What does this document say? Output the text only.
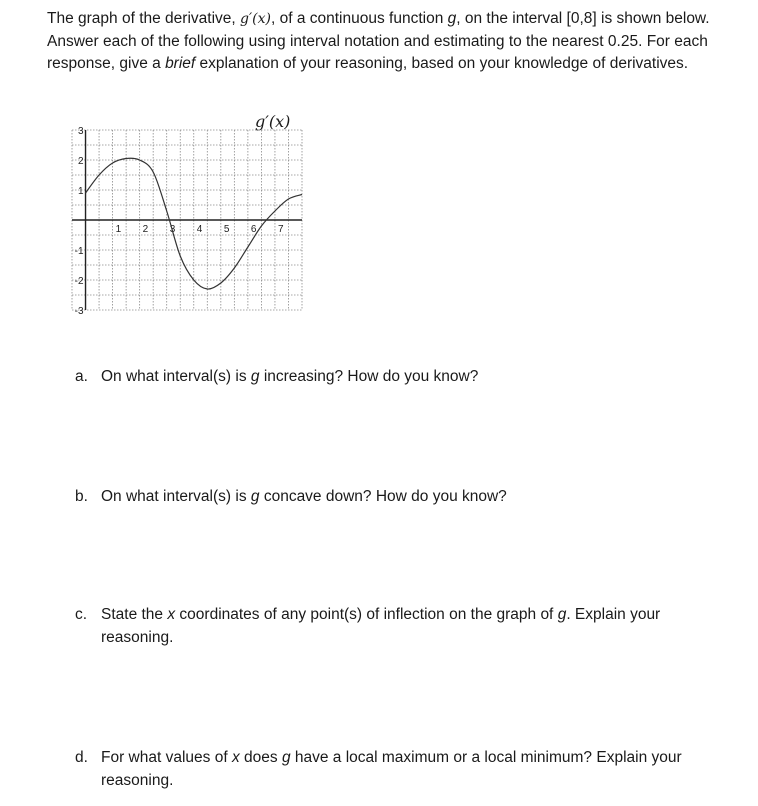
The graph of the derivative, g′(x), of a continuous function g, on the interval [0,8] is shown below. Answer each of the following using interval notation and estimating to the nearest 0.25. For each response, give a brief explanation of your reasoning, based on your knowledge of derivatives.
g′(x)
1 2 3 4 5 6 7
3
2
1
-1
-2
-3
a. On what interval(s) is g increasing? How do you know?
b. On what interval(s) is g concave down? How do you know?
c. State the x coordinates of any point(s) of inflection on the graph of g. Explain your reasoning.
d. For what values of x does g have a local maximum or a local minimum? Explain your reasoning.
